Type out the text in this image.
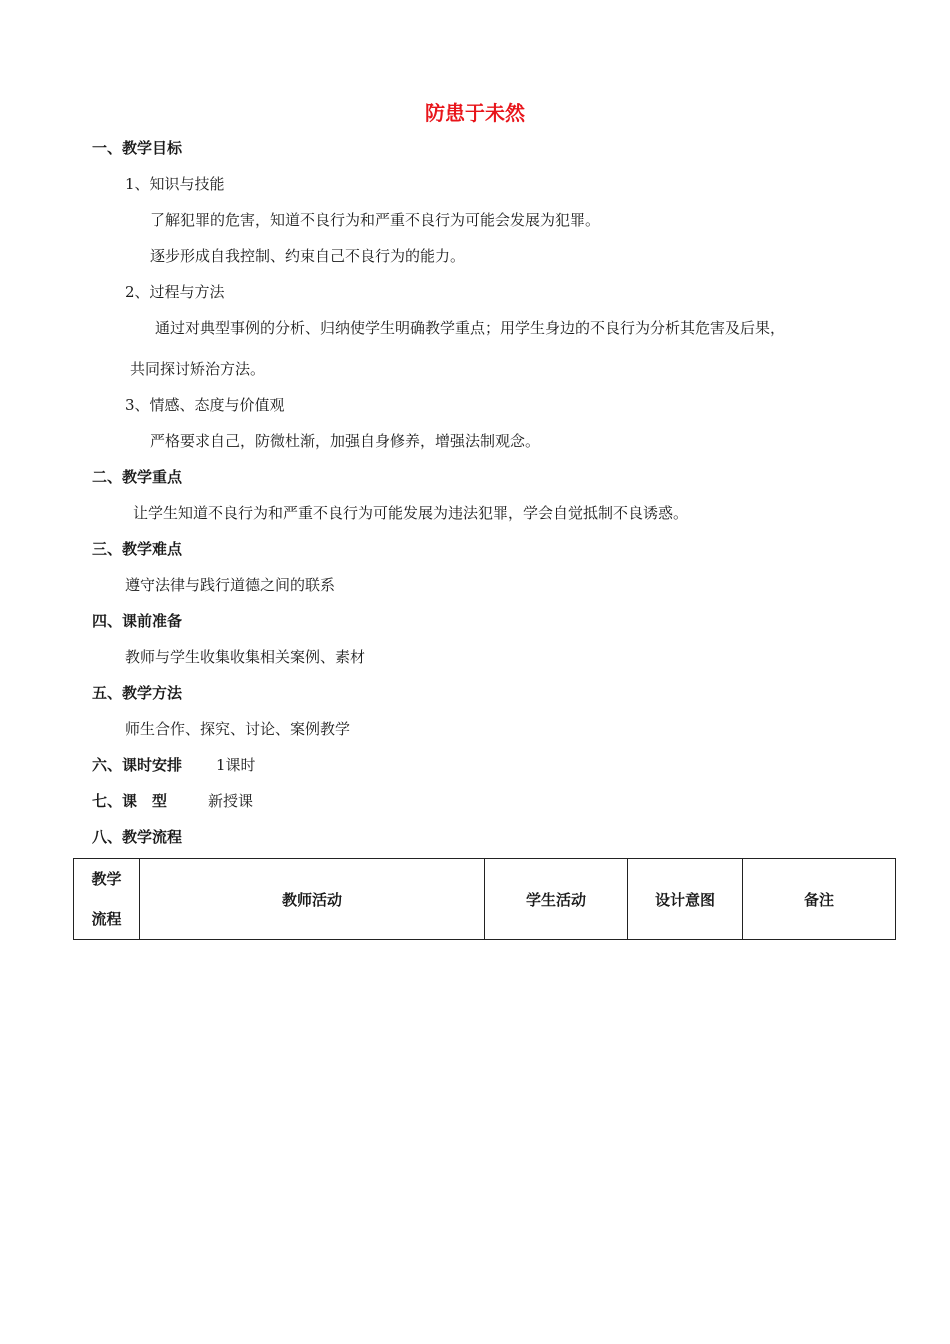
防患于未然
一、教学目标
1、知识与技能
了解犯罪的危害，知道不良行为和严重不良行为可能会发展为犯罪。
逐步形成自我控制、约束自己不良行为的能力。
2、过程与方法
通过对典型事例的分析、归纳使学生明确教学重点；用学生身边的不良行为分析其危害及后果，
共同探讨矫治方法。
3、情感、态度与价值观
严格要求自己，防微杜渐，加强自身修养，增强法制观念。
二、教学重点
让学生知道不良行为和严重不良行为可能发展为违法犯罪，学会自觉抵制不良诱惑。
三、教学难点
遵守法律与践行道德之间的联系
四、课前准备
教师与学生收集收集相关案例、素材
五、教学方法
师生合作、探究、讨论、案例教学
六、课时安排 1课时
七、课　型	新授课
八、教学流程
教学
流程
	教师活动	学生活动	设计意图	备注
